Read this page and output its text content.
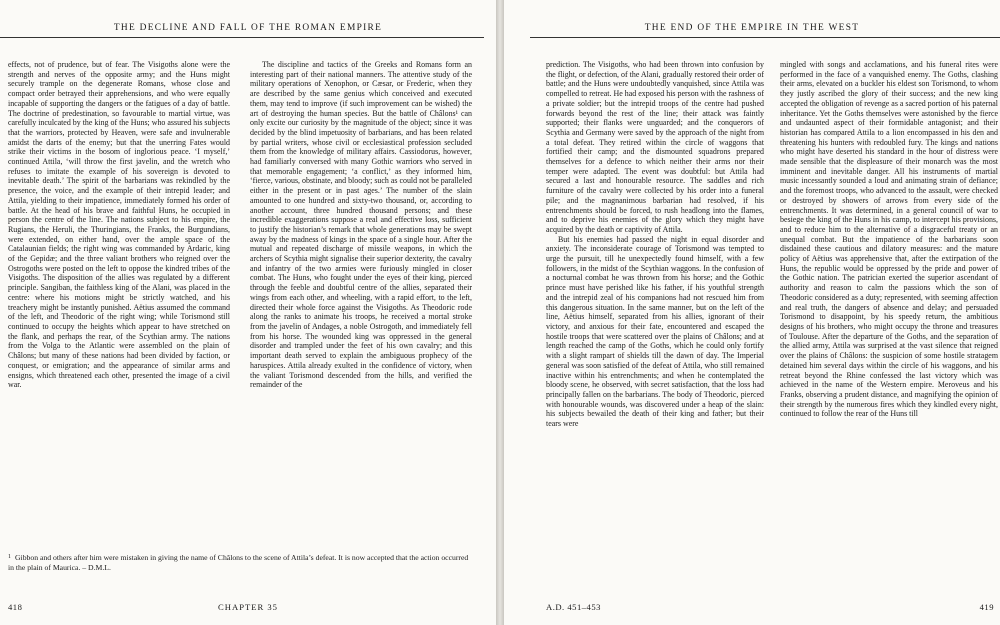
THE DECLINE AND FALL OF THE ROMAN EMPIRE

effects, not of prudence, but of fear. The Visigoths alone were the strength and nerves of the opposite army; and the Huns might securely trample on the degenerate Romans, whose close and compact order betrayed their apprehensions, and who were equally incapable of supporting the dangers or the fatigues of a day of battle. The doctrine of predestination, so favourable to martial virtue, was carefully inculcated by the king of the Huns; who assured his subjects that the warriors, protected by Heaven, were safe and invulnerable amidst the darts of the enemy; but that the unerring Fates would strike their victims in the bosom of inglorious peace. ‘I myself,’ continued Attila, ‘will throw the first javelin, and the wretch who refuses to imitate the example of his sovereign is devoted to inevitable death.’ The spirit of the barbarians was rekindled by the presence, the voice, and the example of their intrepid leader; and Attila, yielding to their impatience, immediately formed his order of battle. At the head of his brave and faithful Huns, he occupied in person the centre of the line. The nations subject to his empire, the Rugians, the Heruli, the Thuringians, the Franks, the Burgundians, were extended, on either hand, over the ample space of the Catalaunian fields; the right wing was commanded by Ardaric, king of the Gepidæ; and the three valiant brothers who reigned over the Ostrogoths were posted on the left to oppose the kindred tribes of the Visigoths. The disposition of the allies was regulated by a different principle. Sangiban, the faithless king of the Alani, was placed in the centre: where his motions might be strictly watched, and his treachery might be instantly punished. Aëtius assumed the command of the left, and Theodoric of the right wing; while Torismond still continued to occupy the heights which appear to have stretched on the flank, and perhaps the rear, of the Scythian army. The nations from the Volga to the Atlantic were assembled on the plain of Châlons; but many of these nations had been divided by faction, or conquest, or emigration; and the appearance of similar arms and ensigns, which threatened each other, presented the image of a civil war.

The discipline and tactics of the Greeks and Romans form an interesting part of their national manners. The attentive study of the military operations of Xenophon, or Cæsar, or Frederic, when they are described by the same genius which conceived and executed them, may tend to improve (if such improvement can be wished) the art of destroying the human species. But the battle of Châlons¹ can only excite our curiosity by the magnitude of the object; since it was decided by the blind impetuosity of barbarians, and has been related by partial writers, whose civil or ecclesiastical profession secluded them from the knowledge of military affairs. Cassiodorus, however, had familiarly conversed with many Gothic warriors who served in that memorable engagement; ‘a conflict,’ as they informed him, ‘fierce, various, obstinate, and bloody; such as could not be paralleled either in the present or in past ages.’ The number of the slain amounted to one hundred and sixty-two thousand, or, according to another account, three hundred thousand persons; and these incredible exaggerations suppose a real and effective loss, sufficient to justify the historian’s remark that whole generations may be swept away by the madness of kings in the space of a single hour. After the mutual and repeated discharge of missile weapons, in which the archers of Scythia might signalise their superior dexterity, the cavalry and infantry of the two armies were furiously mingled in closer combat. The Huns, who fought under the eyes of their king, pierced through the feeble and doubtful centre of the allies, separated their wings from each other, and wheeling, with a rapid effort, to the left, directed their whole force against the Visigoths. As Theodoric rode along the ranks to animate his troops, he received a mortal stroke from the javelin of Andages, a noble Ostrogoth, and immediately fell from his horse. The wounded king was oppressed in the general disorder and trampled under the feet of his own cavalry; and this important death served to explain the ambiguous prophecy of the haruspices. Attila already exulted in the confidence of victory, when the valiant Torismond descended from the hills, and verified the remainder of the

$^1$ Gibbon and others after him were mistaken in giving the name of Châlons to the scene of Attila’s defeat. It is now accepted that the action occurred in the plain of Maurica. – D.M.L.
418	CHAPTER 35
THE END OF THE EMPIRE IN THE WEST

prediction. The Visigoths, who had been thrown into confusion by the flight, or defection, of the Alani, gradually restored their order of battle; and the Huns were undoubtedly vanquished, since Attila was compelled to retreat. He had exposed his person with the rashness of a private soldier; but the intrepid troops of the centre had pushed forwards beyond the rest of the line; their attack was faintly supported; their flanks were unguarded; and the conquerors of Scythia and Germany were saved by the approach of the night from a total defeat. They retired within the circle of waggons that fortified their camp; and the dismounted squadrons prepared themselves for a defence to which neither their arms nor their temper were adapted. The event was doubtful: but Attila had secured a last and honourable resource. The saddles and rich furniture of the cavalry were collected by his order into a funeral pile; and the magnanimous barbarian had resolved, if his entrenchments should be forced, to rush headlong into the flames, and to deprive his enemies of the glory which they might have acquired by the death or captivity of Attila.

But his enemies had passed the night in equal disorder and anxiety. The inconsiderate courage of Torismond was tempted to urge the pursuit, till he unexpectedly found himself, with a few followers, in the midst of the Scythian waggons. In the confusion of a nocturnal combat he was thrown from his horse; and the Gothic prince must have perished like his father, if his youthful strength and the intrepid zeal of his companions had not rescued him from this dangerous situation. In the same manner, but on the left of the line, Aëtius himself, separated from his allies, ignorant of their victory, and anxious for their fate, encountered and escaped the hostile troops that were scattered over the plains of Châlons; and at length reached the camp of the Goths, which he could only fortify with a slight rampart of shields till the dawn of day. The Imperial general was soon satisfied of the defeat of Attila, who still remained inactive within his entrenchments; and when he contemplated the bloody scene, he observed, with secret satisfaction, that the loss had principally fallen on the barbarians. The body of Theodoric, pierced with honourable wounds, was discovered under a heap of the slain: his subjects bewailed the death of their king and father; but their tears were

mingled with songs and acclamations, and his funeral rites were performed in the face of a vanquished enemy. The Goths, clashing their arms, elevated on a buckler his eldest son Torismond, to whom they justly ascribed the glory of their success; and the new king accepted the obligation of revenge as a sacred portion of his paternal inheritance. Yet the Goths themselves were astonished by the fierce and undaunted aspect of their formidable antagonist; and their historian has compared Attila to a lion encompassed in his den and threatening his hunters with redoubled fury. The kings and nations who might have deserted his standard in the hour of distress were made sensible that the displeasure of their monarch was the most imminent and inevitable danger. All his instruments of martial music incessantly sounded a loud and animating strain of defiance; and the foremost troops, who advanced to the assault, were checked or destroyed by showers of arrows from every side of the entrenchments. It was determined, in a general council of war to besiege the king of the Huns in his camp, to intercept his provisions, and to reduce him to the alternative of a disgraceful treaty or an unequal combat. But the impatience of the barbarians soon disdained these cautious and dilatory measures: and the mature policy of Aëtius was apprehensive that, after the extirpation of the Huns, the republic would be oppressed by the pride and power of the Gothic nation. The patrician exerted the superior ascendant of authority and reason to calm the passions which the son of Theodoric considered as a duty; represented, with seeming affection and real truth, the dangers of absence and delay; and persuaded Torismond to disappoint, by his speedy return, the ambitious designs of his brothers, who might occupy the throne and treasures of Toulouse. After the departure of the Goths, and the separation of the allied army, Attila was surprised at the vast silence that reigned over the plains of Châlons: the suspicion of some hostile stratagem detained him several days within the circle of his waggons, and his retreat beyond the Rhine confessed the last victory which was achieved in the name of the Western empire. Meroveus and his Franks, observing a prudent distance, and magnifying the opinion of their strength by the numerous fires which they kindled every night, continued to follow the rear of the Huns till

A.D. 451–453	419
